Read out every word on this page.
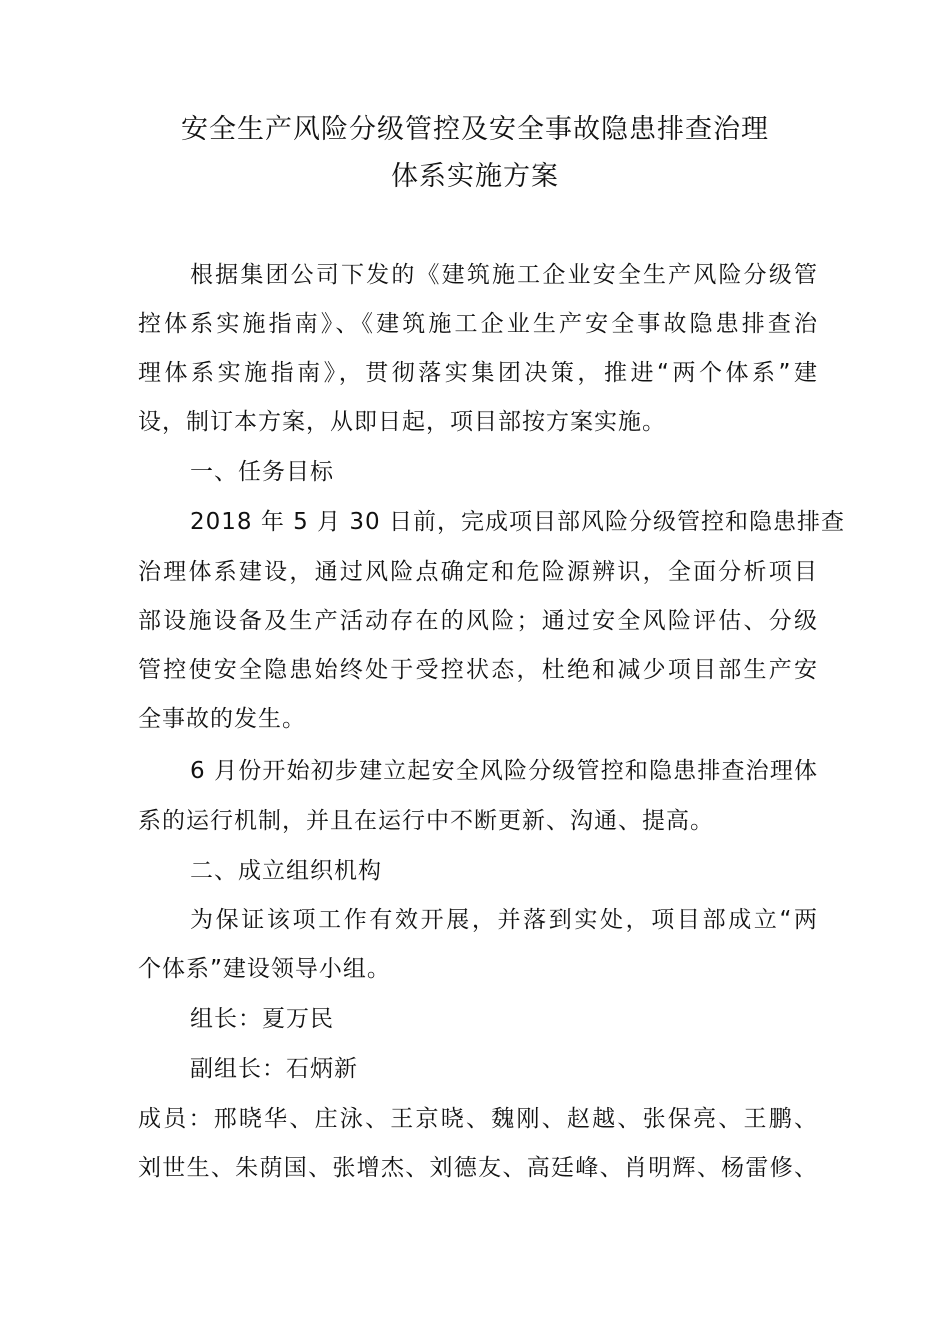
安全生产风险分级管控及安全事故隐患排查治理
体系实施方案
根据集团公司下发的《建筑施工企业安全生产风险分级管
控体系实施指南》、《建筑施工企业生产安全事故隐患排查治
理体系实施指南》，贯彻落实集团决策，推进“两个体系”建
设，制订本方案，从即日起，项目部按方案实施。
一、任务目标
2018 年 5 月 30 日前，完成项目部风险分级管控和隐患排查
治理体系建设，通过风险点确定和危险源辨识，全面分析项目
部设施设备及生产活动存在的风险；通过安全风险评估、分级
管控使安全隐患始终处于受控状态，杜绝和减少项目部生产安
全事故的发生。
6 月份开始初步建立起安全风险分级管控和隐患排查治理体
系的运行机制，并且在运行中不断更新、沟通、提高。
二、成立组织机构
为保证该项工作有效开展，并落到实处，项目部成立“两
个体系”建设领导小组。
组长：夏万民
副组长：石炳新
成员：邢晓华、庄泳、王京晓、魏刚、赵越、张保亮、王鹏、
刘世生、朱荫国、张增杰、刘德友、高廷峰、肖明辉、杨雷修、
